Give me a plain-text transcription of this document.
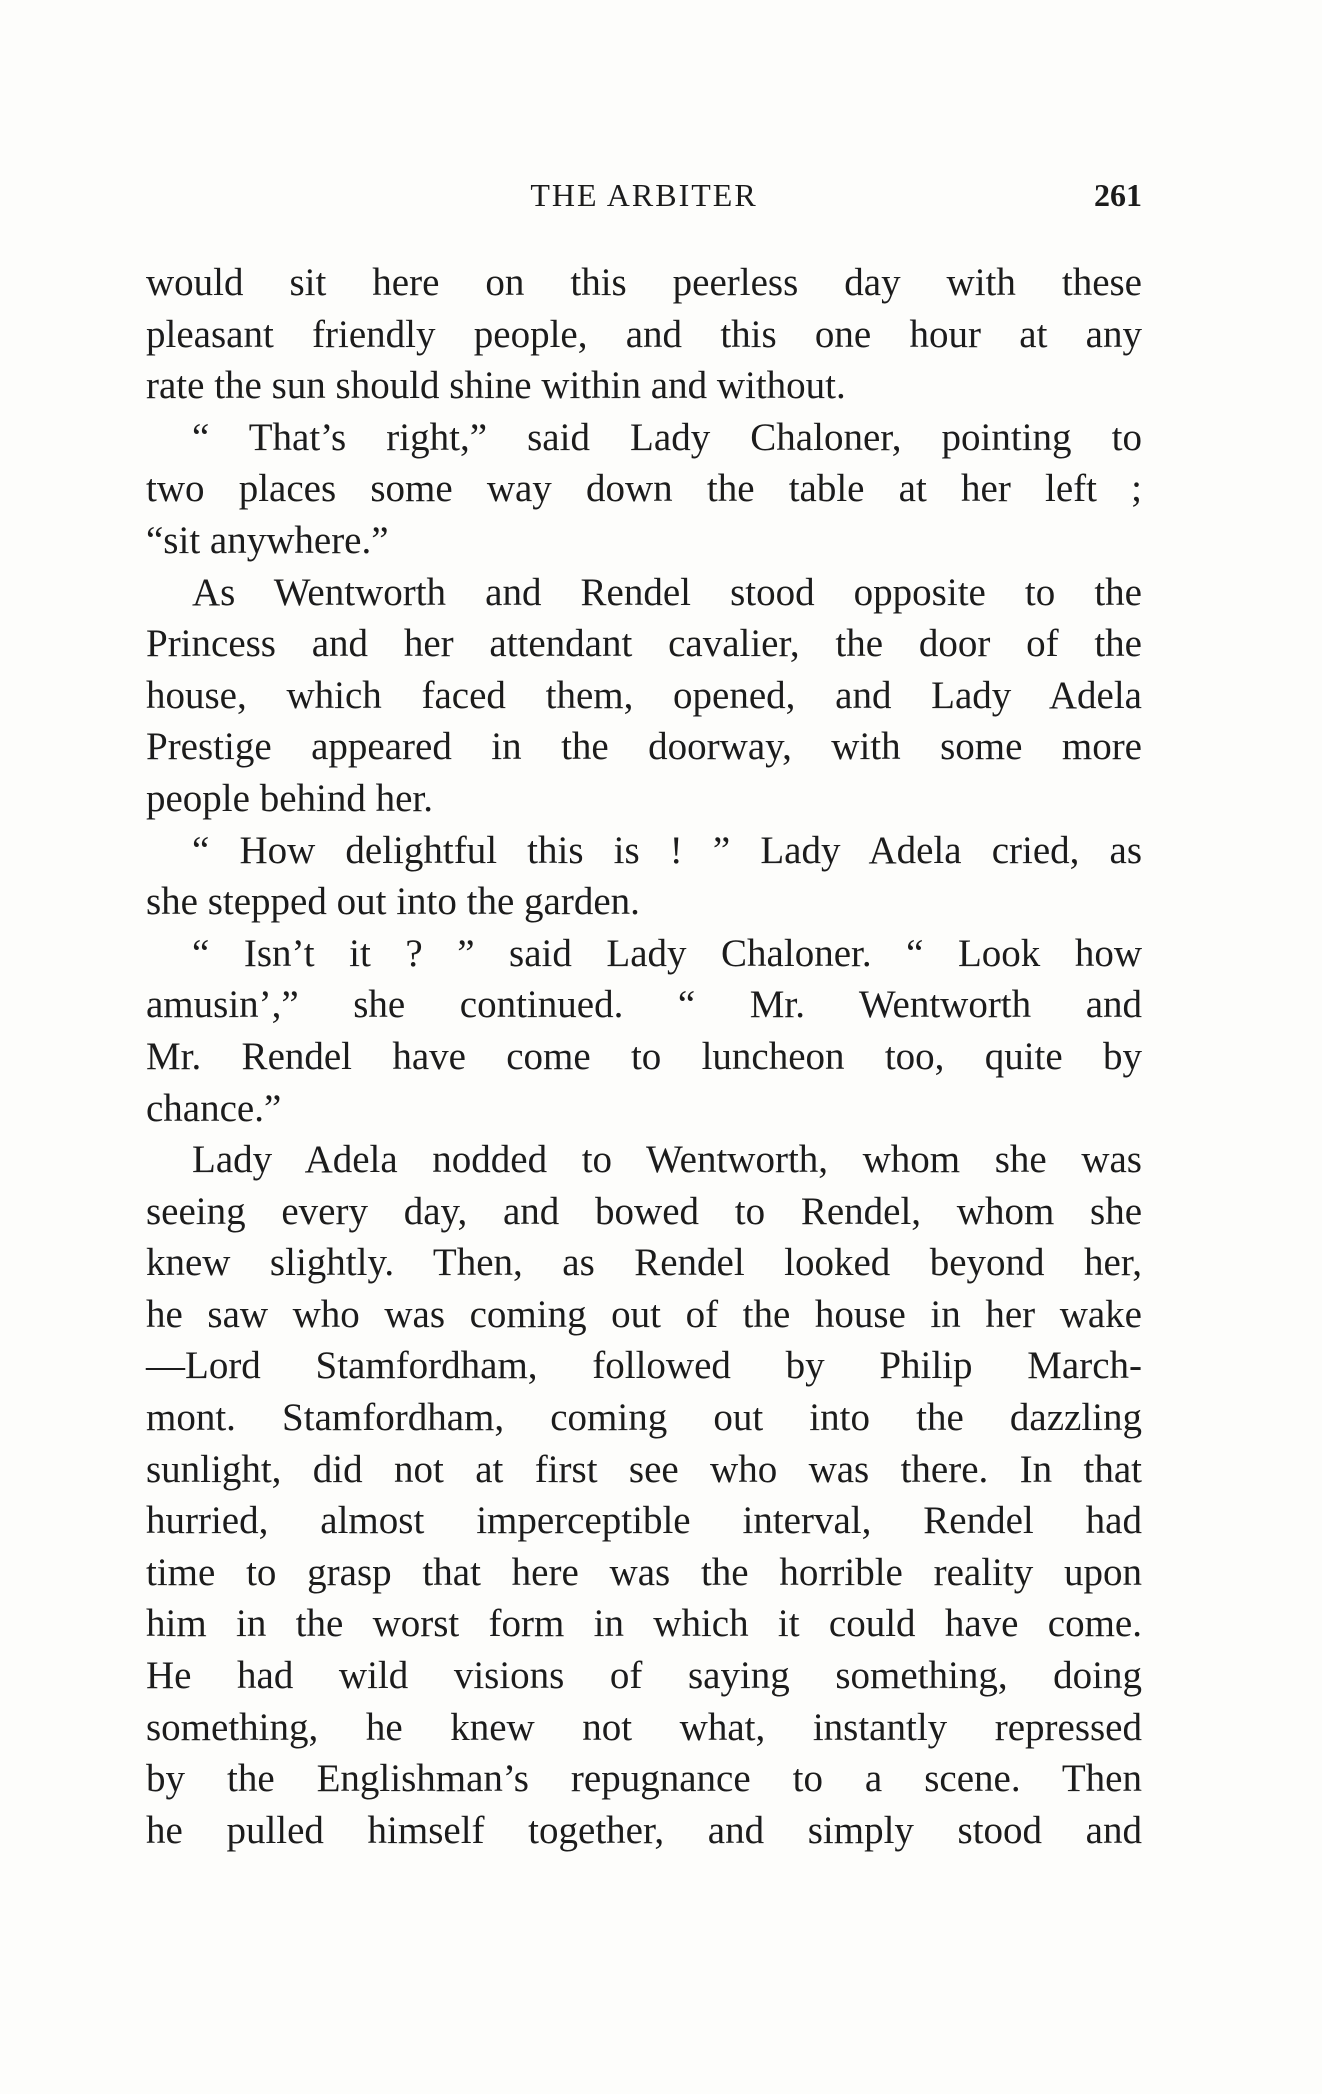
THE ARBITER	261
would sit here on this peerless day with these
pleasant friendly people, and this one hour at any
rate the sun should shine within and without.
“ That’s right,” said Lady Chaloner, pointing to
two places some way down the table at her left ;
“sit anywhere.”
As Wentworth and Rendel stood opposite to the
Princess and her attendant cavalier, the door of the
house, which faced them, opened, and Lady Adela
Prestige appeared in the doorway, with some more
people behind her.
“ How delightful this is ! ” Lady Adela cried, as
she stepped out into the garden.
“ Isn’t it ? ” said Lady Chaloner. “ Look how
amusin’,” she continued. “ Mr. Wentworth and
Mr. Rendel have come to luncheon too, quite by
chance.”
Lady Adela nodded to Wentworth, whom she was
seeing every day, and bowed to Rendel, whom she
knew slightly. Then, as Rendel looked beyond her,
he saw who was coming out of the house in her wake
—Lord Stamfordham, followed by Philip March-
mont. Stamfordham, coming out into the dazzling
sunlight, did not at first see who was there. In that
hurried, almost imperceptible interval, Rendel had
time to grasp that here was the horrible reality upon
him in the worst form in which it could have come.
He had wild visions of saying something, doing
something, he knew not what, instantly repressed
by the Englishman’s repugnance to a scene. Then
he pulled himself together, and simply stood and
